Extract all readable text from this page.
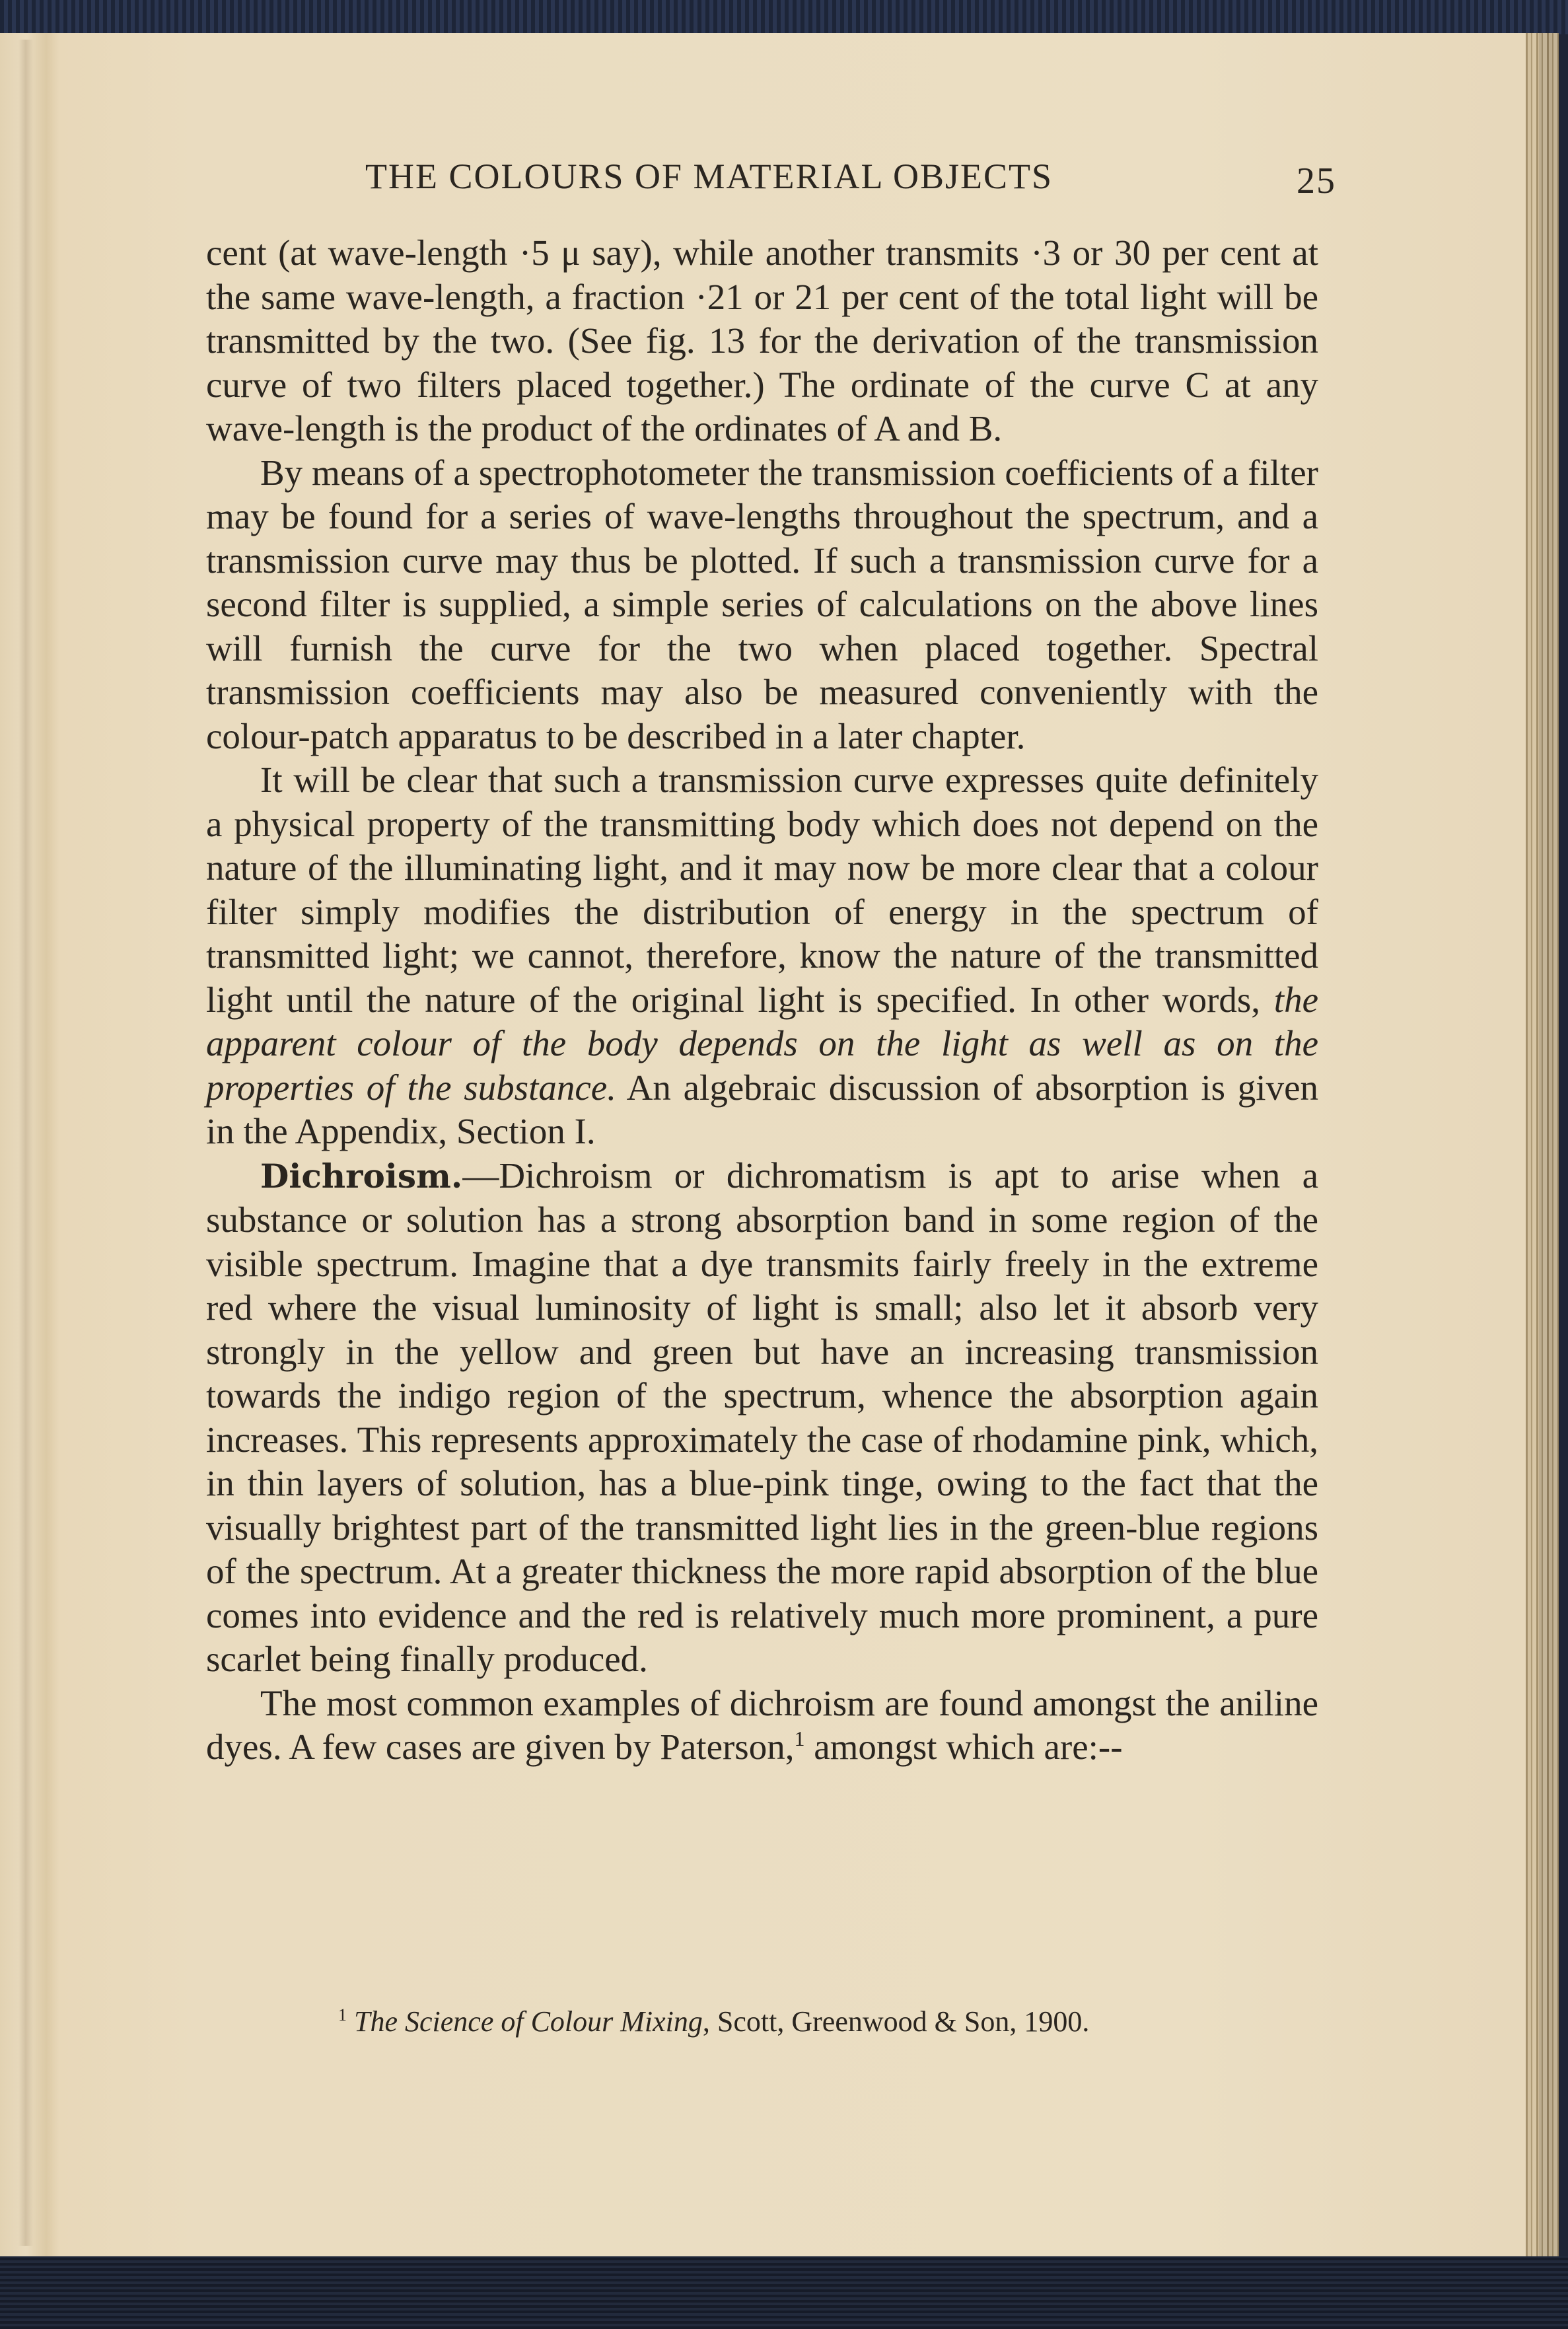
THE COLOURS OF MATERIAL OBJECTS	25

cent (at wave-length ·5 μ say), while another transmits ·3 or 30 per cent at the same wave-length, a fraction ·21 or 21 per cent of the total light will be transmitted by the two. (See fig. 13 for the derivation of the transmission curve of two filters placed together.) The ordinate of the curve C at any wave-length is the product of the ordinates of A and B.

By means of a spectrophotometer the transmission coefficients of a filter may be found for a series of wave-lengths throughout the spectrum, and a transmission curve may thus be plotted. If such a transmission curve for a second filter is supplied, a simple series of calculations on the above lines will furnish the curve for the two when placed together. Spectral transmission coefficients may also be measured conveniently with the colour-patch apparatus to be described in a later chapter.

It will be clear that such a transmission curve expresses quite definitely a physical property of the transmitting body which does not depend on the nature of the illuminating light, and it may now be more clear that a colour filter simply modifies the distribution of energy in the spectrum of transmitted light; we cannot, therefore, know the nature of the transmitted light until the nature of the original light is specified. In other words, the apparent colour of the body depends on the light as well as on the properties of the substance. An algebraic discussion of absorption is given in the Appendix, Section I.

Dichroism.—Dichroism or dichromatism is apt to arise when a substance or solution has a strong absorption band in some region of the visible spectrum. Imagine that a dye transmits fairly freely in the extreme red where the visual luminosity of light is small; also let it absorb very strongly in the yellow and green but have an increasing transmission towards the indigo region of the spectrum, whence the absorption again increases. This represents approximately the case of rhodamine pink, which, in thin layers of solution, has a blue-pink tinge, owing to the fact that the visually brightest part of the transmitted light lies in the green-blue regions of the spectrum. At a greater thickness the more rapid absorption of the blue comes into evidence and the red is relatively much more prominent, a pure scarlet being finally produced.

The most common examples of dichroism are found amongst the aniline dyes. A few cases are given by Paterson,$^1$ amongst which are:--

$^1$ The Science of Colour Mixing, Scott, Greenwood & Son, 1900.
